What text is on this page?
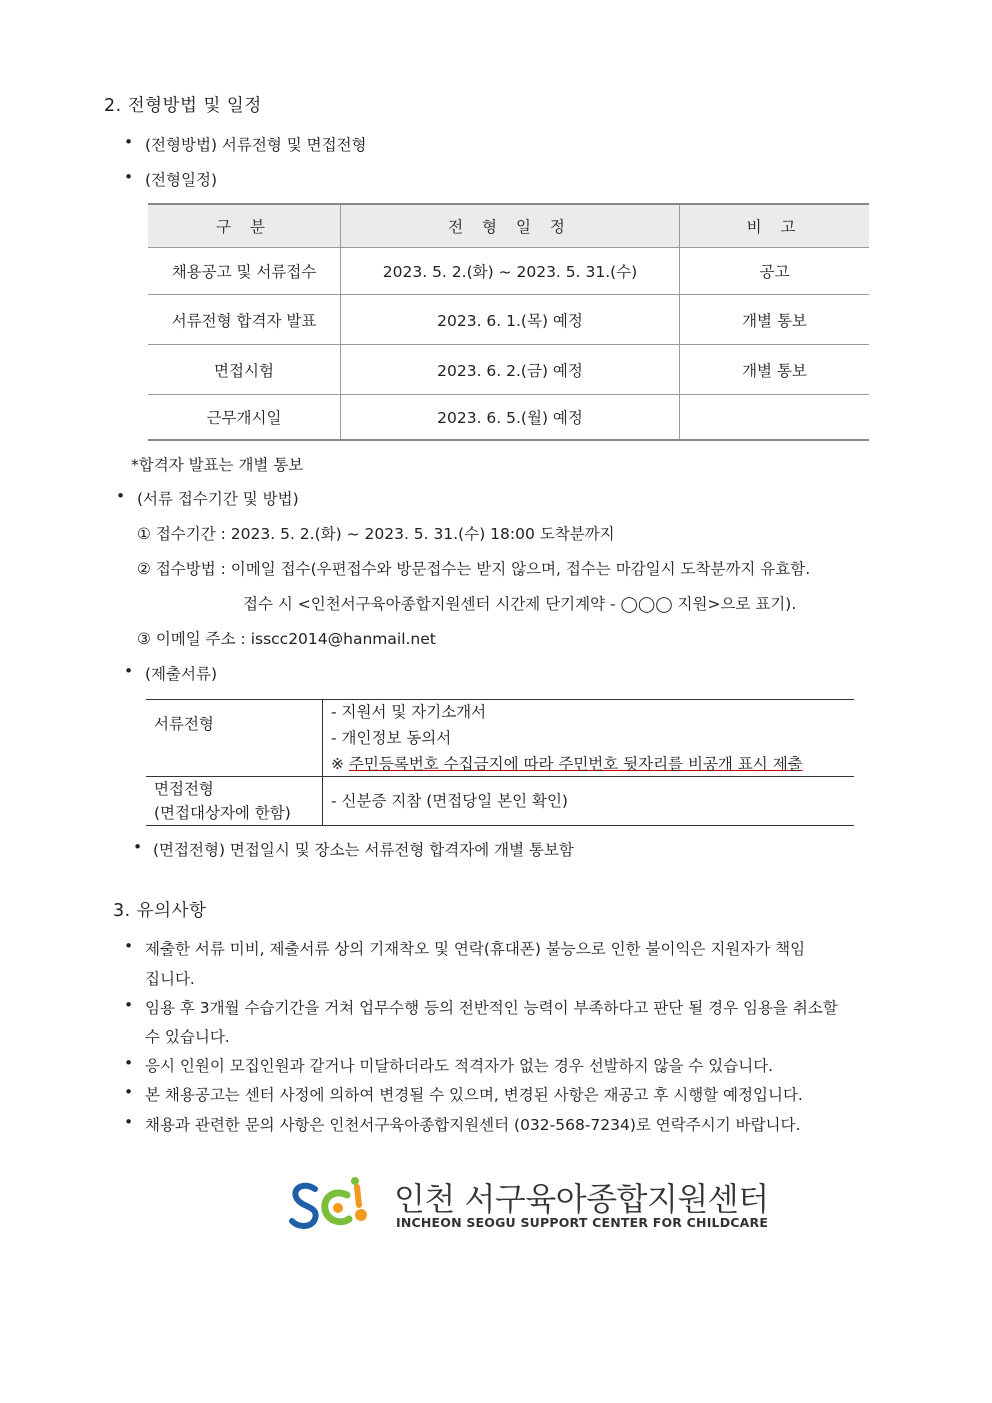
2. 전형방법 및 일정
• (전형방법) 서류전형 및 면접전형
• (전형일정)
구 분	전 형 일 정	비 고
채용공고 및 서류접수	2023. 5. 2.(화) ~ 2023. 5. 31.(수)	공고
서류전형 합격자 발표	2023. 6. 1.(목) 예정	개별 통보
면접시험	2023. 6. 2.(금) 예정	개별 통보
근무개시일	2023. 6. 5.(월) 예정	
*합격자 발표는 개별 통보
• (서류 접수기간 및 방법)
① 접수기간 : 2023. 5. 2.(화) ~ 2023. 5. 31.(수) 18:00 도착분까지
② 접수방법 : 이메일 접수(우편접수와 방문접수는 받지 않으며, 접수는 마감일시 도착분까지 유효함.
접수 시 <인천서구육아종합지원센터 시간제 단기계약 - ◯◯◯ 지원>으로 표기).
③ 이메일 주소 : isscc2014@hanmail.net
• (제출서류)
서류전형	- 지원서 및 자기소개서
- 개인정보 동의서
※ 주민등록번호 수집금지에 따라 주민번호 뒷자리를 비공개 표시 제출

면접전형
(면접대상자에 한함)	- 신분증 지참 (면접당일 본인 확인)
• (면접전형) 면접일시 및 장소는 서류전형 합격자에 개별 통보함
3. 유의사항
• 제출한 서류 미비, 제출서류 상의 기재착오 및 연락(휴대폰) 불능으로 인한 불이익은 지원자가 책임
집니다.
• 임용 후 3개월 수습기간을 거쳐 업무수행 등의 전반적인 능력이 부족하다고 판단 될 경우 임용을 취소할
수 있습니다.
• 응시 인원이 모집인원과 같거나 미달하더라도 적격자가 없는 경우 선발하지 않을 수 있습니다.
• 본 채용공고는 센터 사정에 의하여 변경될 수 있으며, 변경된 사항은 재공고 후 시행할 예정입니다.
• 채용과 관련한 문의 사항은 인천서구육아종합지원센터 (032-568-7234)로 연락주시기 바랍니다.
인천 서구육아종합지원센터
INCHEON SEOGU SUPPORT CENTER FOR CHILDCARE
